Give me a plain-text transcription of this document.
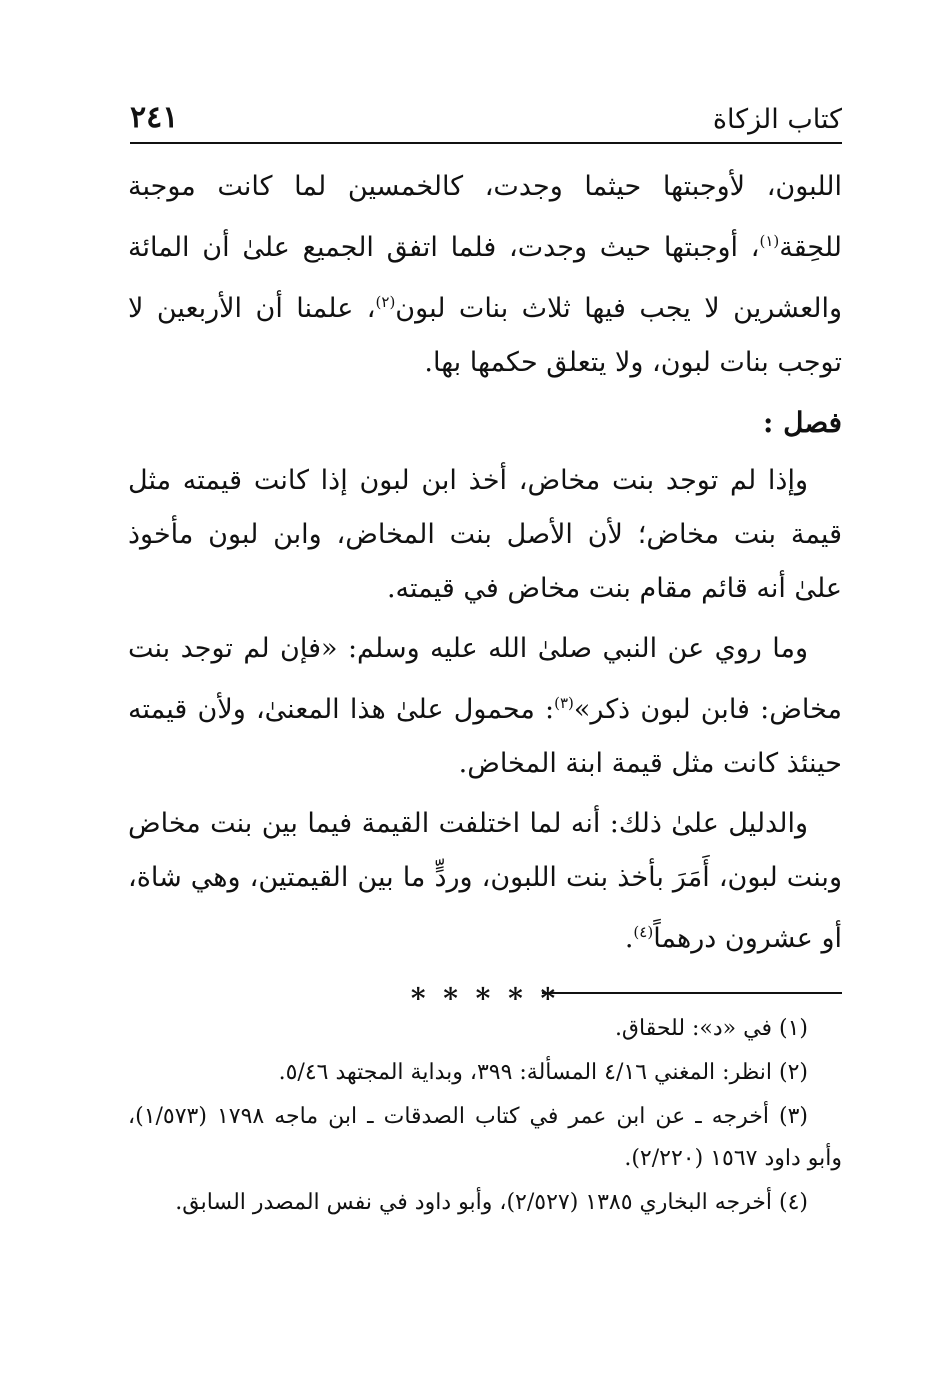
كتاب الزكاة
٢٤١

اللبون، لأوجبتها حيثما وجدت، كالخمسين لما كانت موجبة للحِقة$^{(١)}$، أوجبتها حيث وجدت، فلما اتفق الجميع علىٰ أن المائة والعشرين لا يجب فيها ثلاث بنات لبون$^{(٢)}$، علمنا أن الأربعين لا توجب بنات لبون، ولا يتعلق حكمها بها.

فصل :

وإذا لم توجد بنت مخاض، أخذ ابن لبون إذا كانت قيمته مثل قيمة بنت مخاض؛ لأن الأصل بنت المخاض، وابن لبون مأخوذ علىٰ أنه قائم مقام بنت مخاض في قيمته.

وما روي عن النبي صلىٰ الله عليه وسلم: «فإن لم توجد بنت مخاض: فابن لبون ذكر»$^{(٣)}$: محمول علىٰ هذا المعنىٰ، ولأن قيمته حينئذ كانت مثل قيمة ابنة المخاض.

والدليل علىٰ ذلك: أنه لما اختلفت القيمة فيما بين بنت مخاض وبنت لبون، أَمَرَ بأخذ بنت اللبون، وردٍّ ما بين القيمتين، وهي شاة، أو عشرون درهماً$^{(٤)}$.

* * * * *

(١) في «د»: للحقاق.

(٢) انظر: المغني ٤/١٦ المسألة: ٣٩٩، وبداية المجتهد ٥/٤٦.

(٣) أخرجه ـ عن ابن عمر في كتاب الصدقات ـ ابن ماجه ١٧٩٨ (١/٥٧٣)، وأبو داود ١٥٦٧ (٢/٢٢٠).

(٤) أخرجه البخاري ١٣٨٥ (٢/٥٢٧)، وأبو داود في نفس المصدر السابق.
